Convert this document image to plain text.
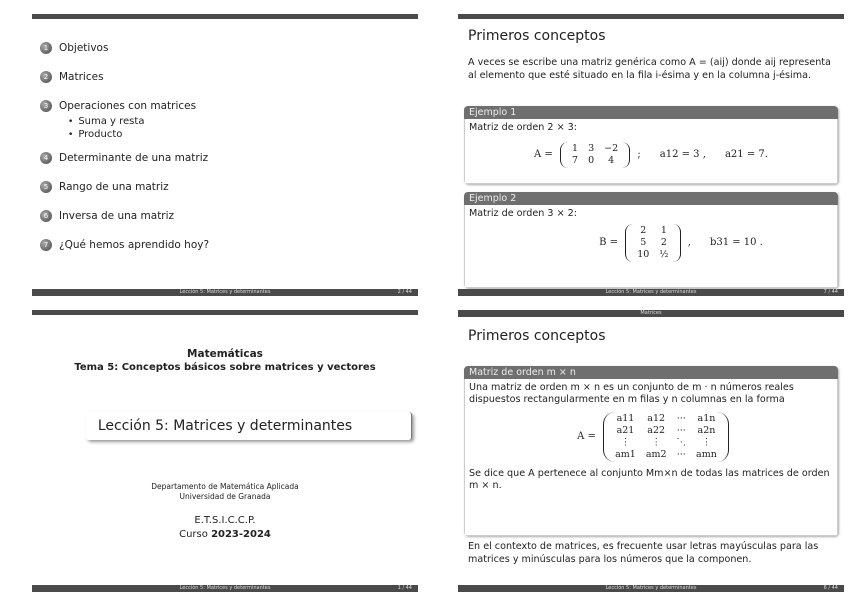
1	Objetivos
2	Matrices
3	Operaciones con matrices
• Suma y resta
• Producto
4	Determinante de una matriz
5	Rango de una matriz
6	Inversa de una matriz
7	¿Qué hemos aprendido hoy?
Lección 5: Matrices y determinantes	2 / 44
Primeros conceptos
A veces se escribe una matriz genérica como A = (aij) donde aij representa al elemento que esté situado en la fila i-ésima y en la columna j-ésima.
Ejemplo 1
Matriz de orden 2 × 3:
A =
1	3	−2
7	0	4
;      a12 = 3 ,      a21 = 7.
Ejemplo 2
Matriz de orden 3 × 2:
B =
2	1
5	2
10	½
,      b31 = 10 .
Lección 5: Matrices y determinantes	7 / 44
Matemáticas
Tema 5: Conceptos básicos sobre matrices y vectores
Lección 5: Matrices y determinantes
Departamento de Matemática Aplicada
Universidad de Granada
E.T.S.I.C.C.P.
Curso 2023-2024
Lección 5: Matrices y determinantes	1 / 44
Matrices
Primeros conceptos
Matriz de orden m × n
Una matriz de orden m × n es un conjunto de m · n números reales dispuestos rectangularmente en m filas y n columnas en la forma
A =
a11	a12	···	a1n
a21	a22	···	a2n
⋮	⋮	⋱	⋮
am1	am2	···	amn
Se dice que A pertenece al conjunto Mm×n de todas las matrices de orden m × n.
En el contexto de matrices, es frecuente usar letras mayúsculas para las matrices y minúsculas para los números que la componen.
Lección 5: Matrices y determinantes	6 / 44
